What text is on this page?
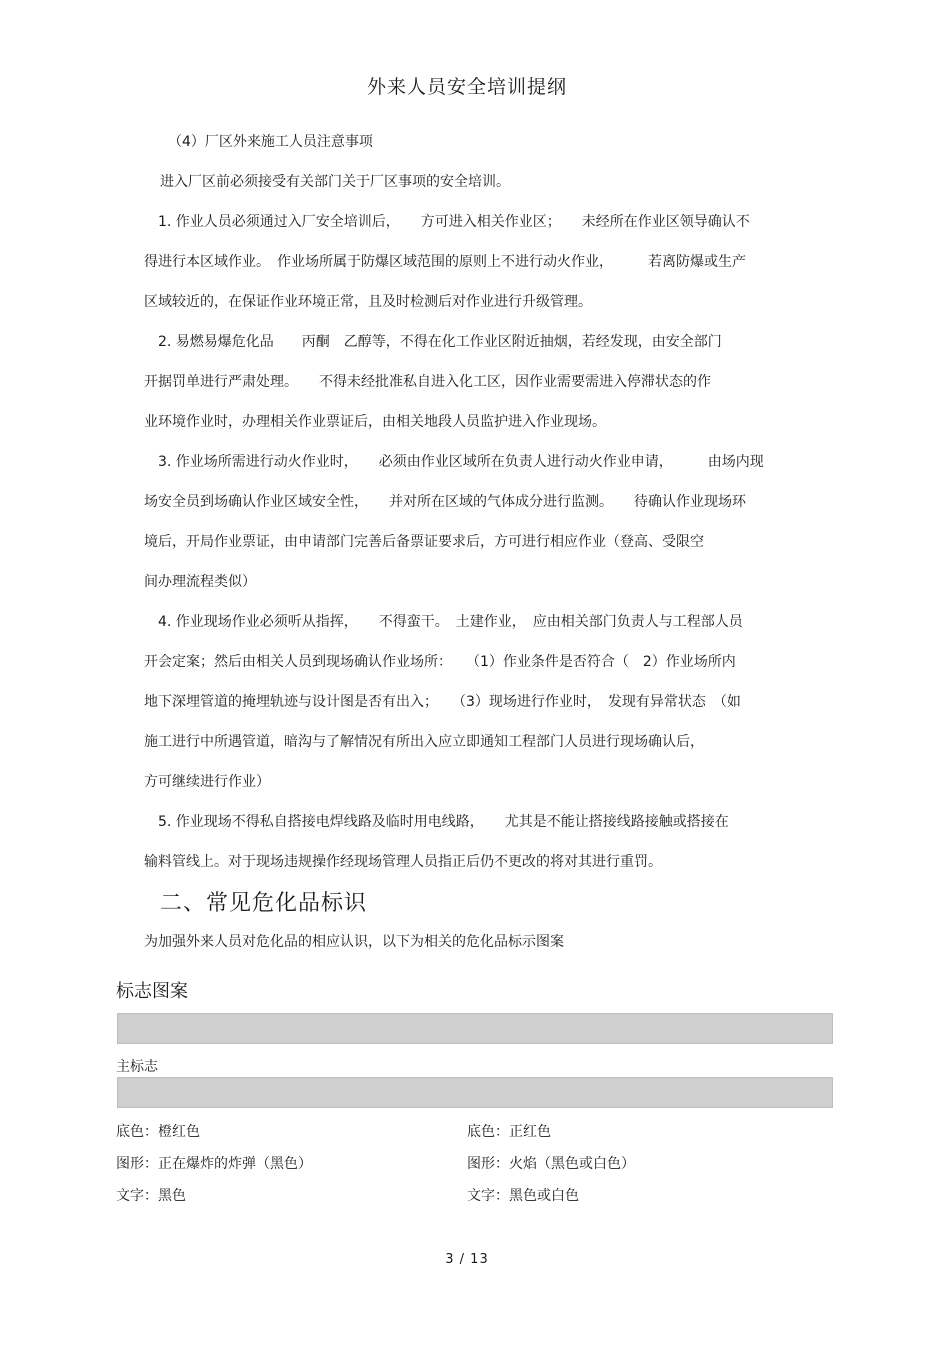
外来人员安全培训提纲
（4）厂区外来施工人员注意事项
进入厂区前必须接受有关部门关于厂区事项的安全培训。
1. 作业人员必须通过入厂安全培训后，　　方可进入相关作业区；　　未经所在作业区领导确认不
得进行本区域作业。　作业场所属于防爆区域范围的原则上不进行动火作业，　　　若离防爆或生产
区域较近的，在保证作业环境正常，且及时检测后对作业进行升级管理。
2. 易燃易爆危化品　　丙酮　乙醇等，不得在化工作业区附近抽烟，若经发现，由安全部门
开据罚单进行严肃处理。　　不得未经批准私自进入化工区，因作业需要需进入停滞状态的作
业环境作业时，办理相关作业票证后，由相关地段人员监护进入作业现场。
3. 作业场所需进行动火作业时，　　必须由作业区域所在负责人进行动火作业申请，　　　由场内现
场安全员到场确认作业区域安全性，　　并对所在区域的气体成分进行监测。　　待确认作业现场环
境后，开局作业票证，由申请部门完善后备票证要求后，方可进行相应作业（登高、受限空
间办理流程类似）
4. 作业现场作业必须听从指挥，　　不得蛮干。　土建作业，　应由相关部门负责人与工程部人员
开会定案；然后由相关人员到现场确认作业场所：　　（1）作业条件是否符合（　2）作业场所内
地下深埋管道的掩埋轨迹与设计图是否有出入；　　（3）现场进行作业时，　发现有异常状态　（如
施工进行中所遇管道，暗沟与了解情况有所出入应立即通知工程部门人员进行现场确认后，
方可继续进行作业）
5. 作业现场不得私自搭接电焊线路及临时用电线路，　　尤其是不能让搭接线路接触或搭接在
输料管线上。对于现场违规操作经现场管理人员指正后仍不更改的将对其进行重罚。
二、常见危化品标识
为加强外来人员对危化品的相应认识，以下为相关的危化品标示图案
标志图案
主标志
底色：橙红色
图形：正在爆炸的炸弹（黑色）
文字：黑色
底色：正红色
图形：火焰（黑色或白色）
文字：黑色或白色
3 / 13
